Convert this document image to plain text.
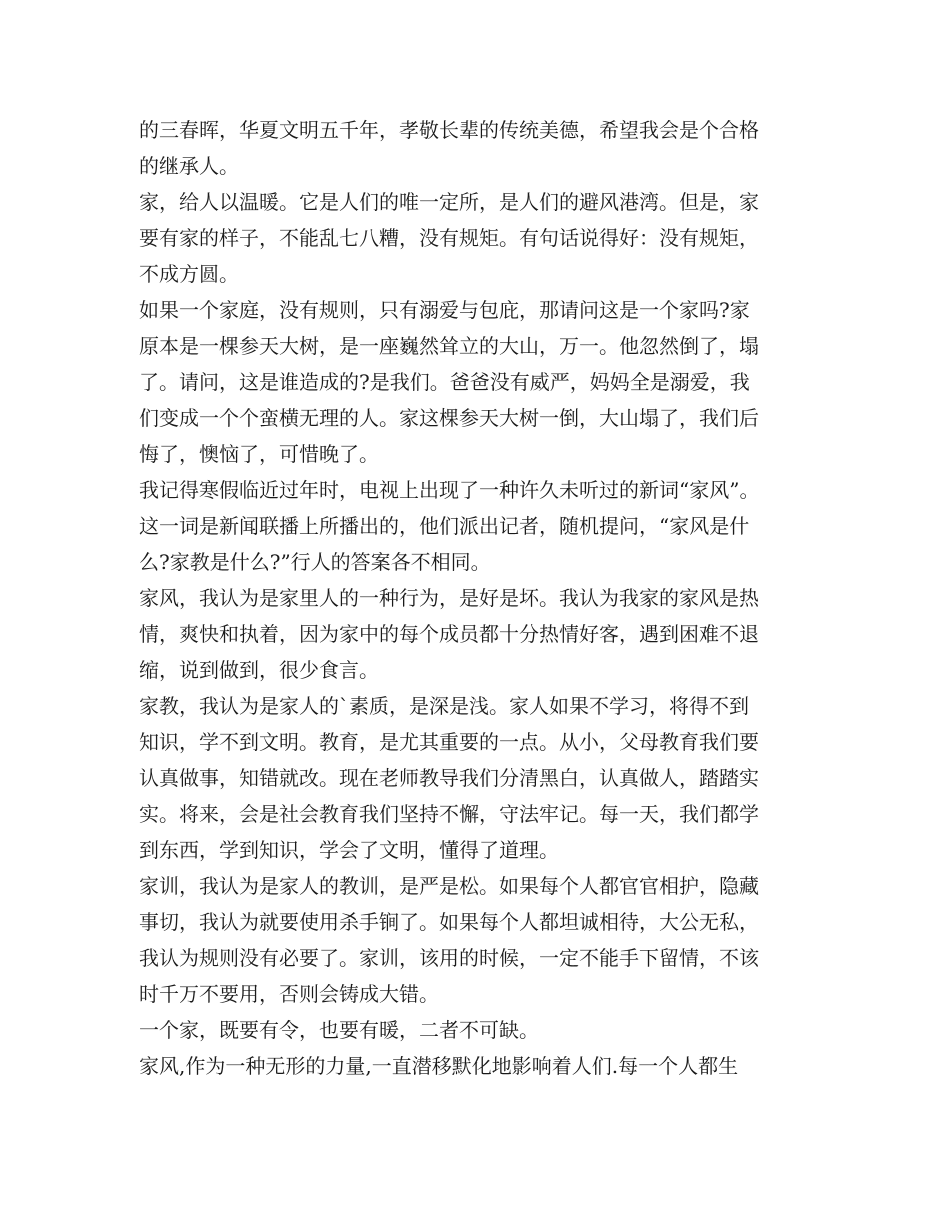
的三春晖，华夏文明五千年，孝敬长辈的传统美德，希望我会是个合格
的继承人。
家，给人以温暖。它是人们的唯一定所，是人们的避风港湾。但是，家
要有家的样子，不能乱七八糟，没有规矩。有句话说得好：没有规矩，
不成方圆。
如果一个家庭，没有规则，只有溺爱与包庇，那请问这是一个家吗?家
原本是一棵参天大树，是一座巍然耸立的大山，万一。他忽然倒了，塌
了。请问，这是谁造成的?是我们。爸爸没有威严，妈妈全是溺爱，我
们变成一个个蛮横无理的人。家这棵参天大树一倒，大山塌了，我们后
悔了，懊恼了，可惜晚了。
我记得寒假临近过年时，电视上出现了一种许久未听过的新词“家风”。
这一词是新闻联播上所播出的，他们派出记者，随机提问，“家风是什
么?家教是什么?”行人的答案各不相同。
家风，我认为是家里人的一种行为，是好是坏。我认为我家的家风是热
情，爽快和执着，因为家中的每个成员都十分热情好客，遇到困难不退
缩，说到做到，很少食言。
家教，我认为是家人的`素质，是深是浅。家人如果不学习，将得不到
知识，学不到文明。教育，是尤其重要的一点。从小，父母教育我们要
认真做事，知错就改。现在老师教导我们分清黑白，认真做人，踏踏实
实。将来，会是社会教育我们坚持不懈，守法牢记。每一天，我们都学
到东西，学到知识，学会了文明，懂得了道理。
家训，我认为是家人的教训，是严是松。如果每个人都官官相护，隐藏
事切，我认为就要使用杀手锏了。如果每个人都坦诚相待，大公无私，
我认为规则没有必要了。家训，该用的时候，一定不能手下留情，不该
时千万不要用，否则会铸成大错。
一个家，既要有令，也要有暖，二者不可缺。
家风,作为一种无形的力量,一直潜移默化地影响着人们.每一个人都生
